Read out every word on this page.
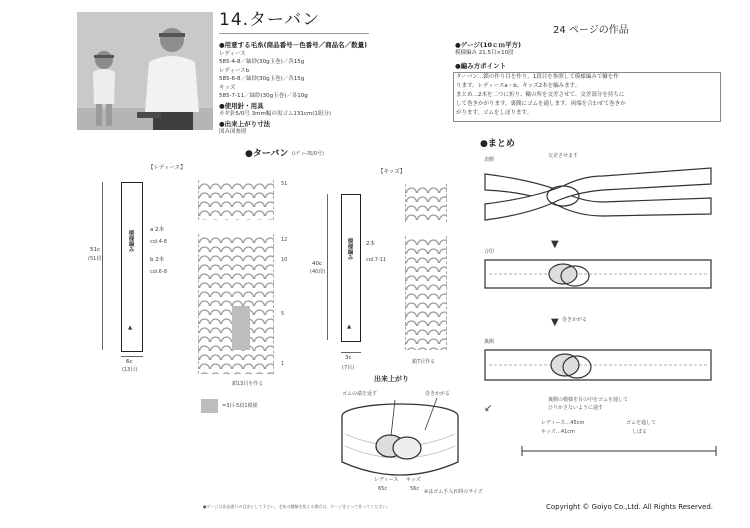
14.ターバン
24 ページの作品
●用意する毛糸(商品番号－色番号／商品名／数量)
レディース
585-4-8／紬紗(30g玉巻)／各15g
レディースb
585-6-8／紬紗(30g玉巻)／各15g
キッズ
585-7-11／紬紗(30g玉巻)／各10g
●使用針・用具
カギ針5/0号 3mm幅の黒ゴム131cm(1組分)
●出来上がり寸法
図み図参照
●ゲージ(10ｃｍ平方)
模様編み 21.5目×10段
●編み方ポイント
ターバン…鎖の作り目を作り、1段目を参照して模様編みで輪を作
ります。レディースa・b、キッズ2本を編みます。
まとめ…2本を二つに折り、輪の所を交差させて、交差部分を持ちに
して巻きかがります。裏側にゴムを通します。両端を合わせて巻きか
がります。ゴムをしぼります。
●ターバン (ﾚﾃﾞｨｰｽ5/0号)
●まとめ
【レディース】
模様編み
▲
51c
(51段)
6c
(13目)
a 2本
col.4-8
b 2本
col.6-8
51
12
10
5
1
鎖13目を作る
=3目-5段1模様
【キッズ】
模様編み
▲
40c
(40段)
2本
col.7-11
3c
(7目)
鎖7目作る
出来上がり
ゴムの端を返す	巻きかがる
レディース
65c
キッズ
56c ※はゴム手入れ時のサイズ
表側
交差させます
▼
合印
巻きかがる
▼
裏側
裏側の模様を目の中をゴムを通して
ひりかさないように通す
↙
レディース…45cm
キッズ…41cm
ゴムを通して
しぼる
●ゲージは作品通りの目安として下さい。毛糸の種類を変える場合は、ゲージをとって作ってください。	Copyright © Goiyo Co.,Ltd. All Rights Reserved.
